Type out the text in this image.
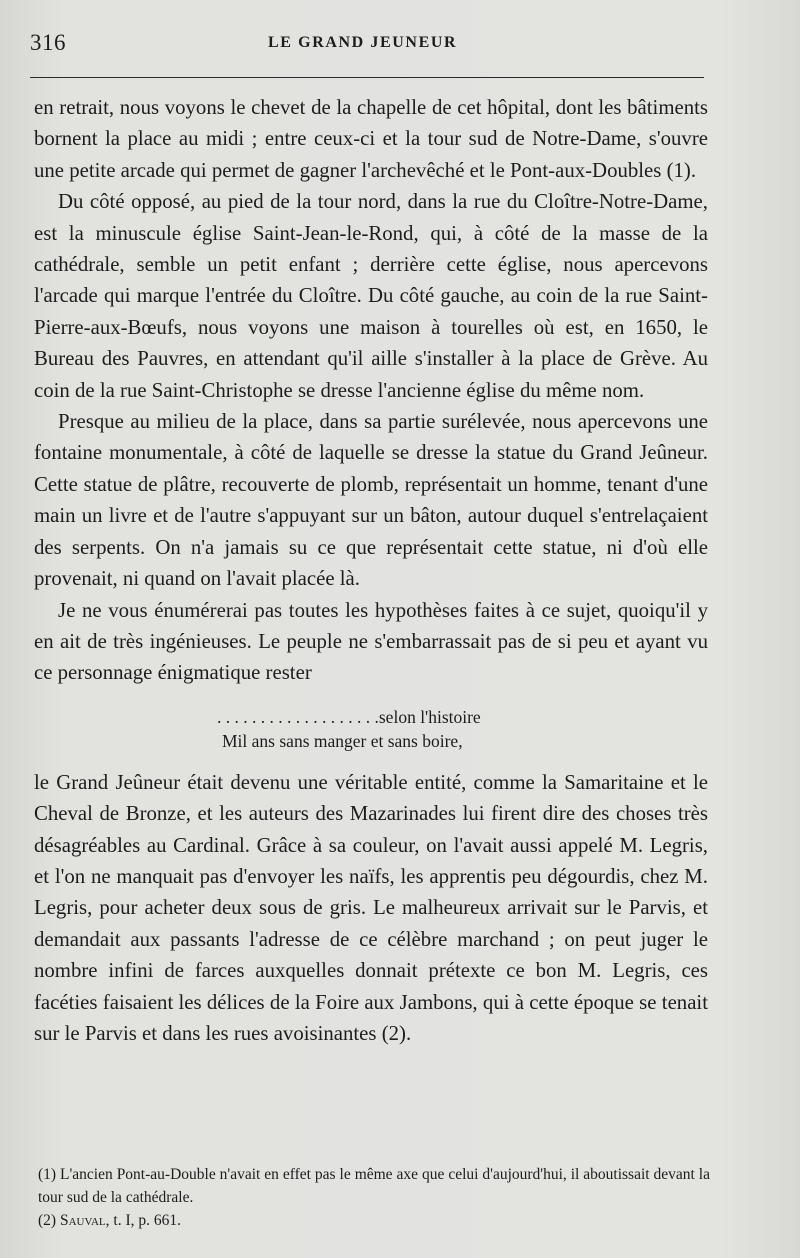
316	LE GRAND JEUNEUR

en retrait, nous voyons le chevet de la chapelle de cet hôpital, dont les bâtiments bornent la place au midi ; entre ceux-ci et la tour sud de Notre-Dame, s'ouvre une petite arcade qui permet de gagner l'archevêché et le Pont-aux-Doubles (1).

Du côté opposé, au pied de la tour nord, dans la rue du Cloître-Notre-Dame, est la minuscule église Saint-Jean-le-Rond, qui, à côté de la masse de la cathédrale, semble un petit enfant ; derrière cette église, nous apercevons l'arcade qui marque l'entrée du Cloître. Du côté gauche, au coin de la rue Saint-Pierre-aux-Bœufs, nous voyons une maison à tourelles où est, en 1650, le Bureau des Pauvres, en attendant qu'il aille s'installer à la place de Grève. Au coin de la rue Saint-Christophe se dresse l'ancienne église du même nom.

Presque au milieu de la place, dans sa partie surélevée, nous apercevons une fontaine monumentale, à côté de laquelle se dresse la statue du Grand Jeûneur. Cette statue de plâtre, recouverte de plomb, représentait un homme, tenant d'une main un livre et de l'autre s'appuyant sur un bâton, autour duquel s'entrelaçaient des serpents. On n'a jamais su ce que représentait cette statue, ni d'où elle provenait, ni quand on l'avait placée là.

Je ne vous énumérerai pas toutes les hypothèses faites à ce sujet, quoiqu'il y en ait de très ingénieuses. Le peuple ne s'embarrassait pas de si peu et ayant vu ce personnage énigmatique rester

. . . . . . . . . . . . . . . . . . .selon l'histoire
Mil ans sans manger et sans boire,

le Grand Jeûneur était devenu une véritable entité, comme la Samaritaine et le Cheval de Bronze, et les auteurs des Mazarinades lui firent dire des choses très désagréables au Cardinal. Grâce à sa couleur, on l'avait aussi appelé M. Legris, et l'on ne manquait pas d'envoyer les naïfs, les apprentis peu dégourdis, chez M. Legris, pour acheter deux sous de gris. Le malheureux arrivait sur le Parvis, et demandait aux passants l'adresse de ce célèbre marchand ; on peut juger le nombre infini de farces auxquelles donnait prétexte ce bon M. Legris, ces facéties faisaient les délices de la Foire aux Jambons, qui à cette époque se tenait sur le Parvis et dans les rues avoisinantes (2).

(1) L'ancien Pont-au-Double n'avait en effet pas le même axe que celui d'aujourd'hui, il aboutissait devant la tour sud de la cathédrale.

(2) Sauval, t. I, p. 661.
